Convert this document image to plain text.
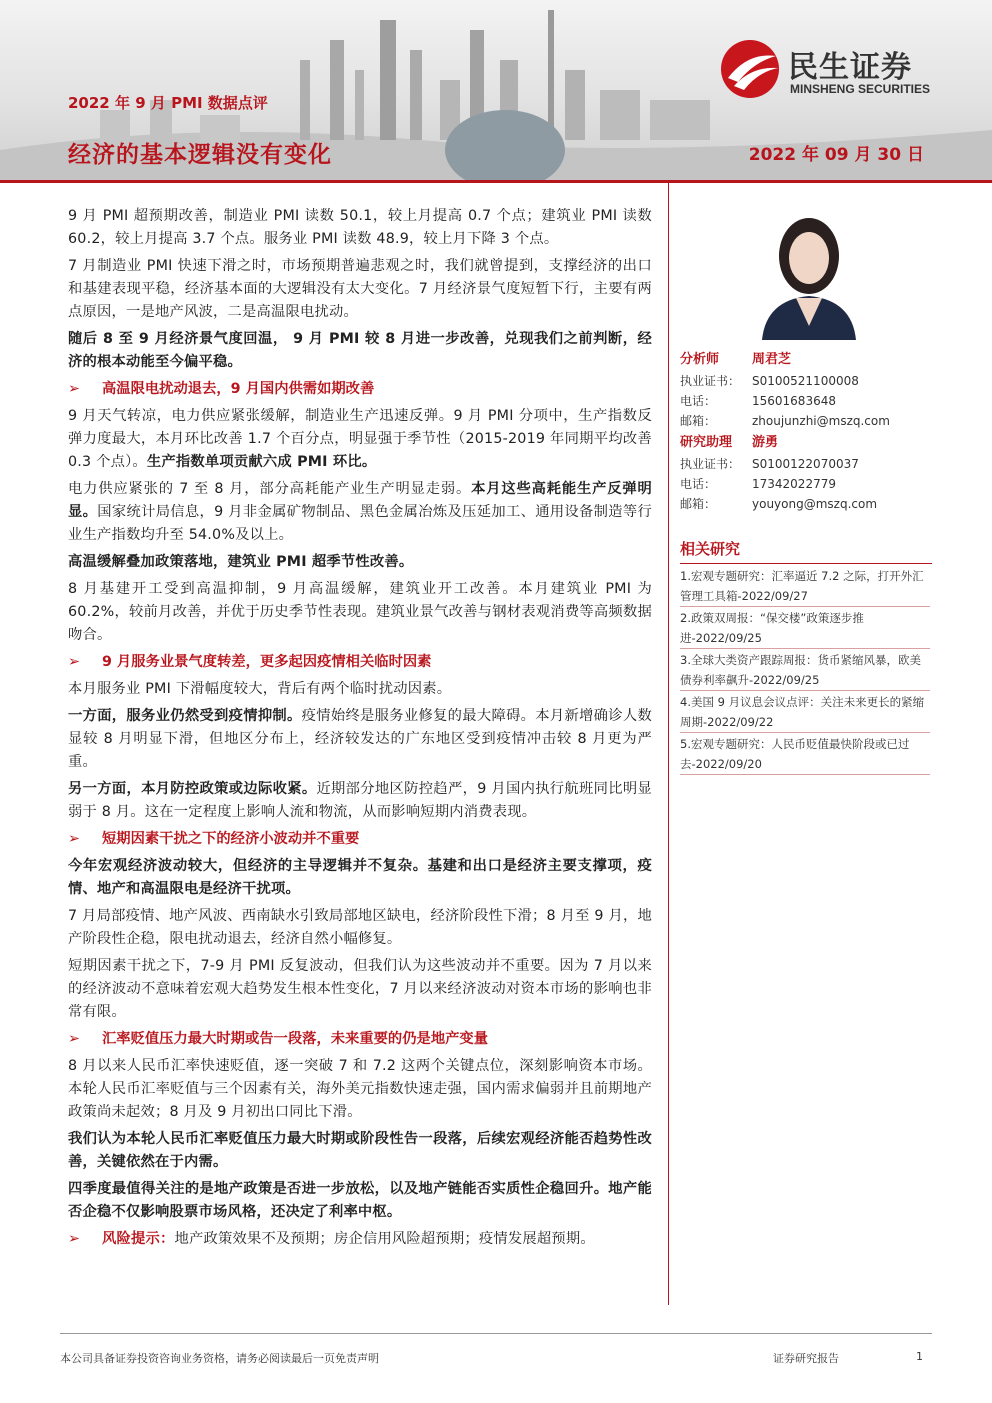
2022 年 9 月 PMI 数据点评
经济的基本逻辑没有变化	2022 年 09 月 30 日
民生证券
MINSHENG SECURITIES

9 月 PMI 超预期改善，制造业 PMI 读数 50.1，较上月提高 0.7 个点；建筑业 PMI 读数 60.2，较上月提高 3.7 个点。服务业 PMI 读数 48.9，较上月下降 3 个点。

7 月制造业 PMI 快速下滑之时，市场预期普遍悲观之时，我们就曾提到，支撑经济的出口和基建表现平稳，经济基本面的大逻辑没有太大变化。7 月经济景气度短暂下行，主要有两点原因，一是地产风波，二是高温限电扰动。

随后 8 至 9 月经济景气度回温， 9 月 PMI 较 8 月进一步改善，兑现我们之前判断，经济的根本动能至今偏平稳。

➢ 高温限电扰动退去，9 月国内供需如期改善

9 月天气转凉，电力供应紧张缓解，制造业生产迅速反弹。9 月 PMI 分项中，生产指数反弹力度最大，本月环比改善 1.7 个百分点，明显强于季节性（2015-2019 年同期平均改善 0.3 个点）。生产指数单项贡献六成 PMI 环比。

电力供应紧张的 7 至 8 月，部分高耗能产业生产明显走弱。本月这些高耗能生产反弹明显。国家统计局信息，9 月非金属矿物制品、黑色金属冶炼及压延加工、通用设备制造等行业生产指数均升至 54.0%及以上。

高温缓解叠加政策落地，建筑业 PMI 超季节性改善。

8 月基建开工受到高温抑制，9 月高温缓解，建筑业开工改善。本月建筑业 PMI 为 60.2%，较前月改善，并优于历史季节性表现。建筑业景气改善与钢材表观消费等高频数据吻合。

➢ 9 月服务业景气度转差，更多起因疫情相关临时因素

本月服务业 PMI 下滑幅度较大，背后有两个临时扰动因素。

一方面，服务业仍然受到疫情抑制。疫情始终是服务业修复的最大障碍。本月新增确诊人数显较 8 月明显下滑，但地区分布上，经济较发达的广东地区受到疫情冲击较 8 月更为严重。

另一方面，本月防控政策或边际收紧。近期部分地区防控趋严，9 月国内执行航班同比明显弱于 8 月。这在一定程度上影响人流和物流，从而影响短期内消费表现。

➢ 短期因素干扰之下的经济小波动并不重要

今年宏观经济波动较大，但经济的主导逻辑并不复杂。基建和出口是经济主要支撑项，疫情、地产和高温限电是经济干扰项。

7 月局部疫情、地产风波、西南缺水引致局部地区缺电，经济阶段性下滑；8 月至 9 月，地产阶段性企稳，限电扰动退去，经济自然小幅修复。

短期因素干扰之下，7-9 月 PMI 反复波动，但我们认为这些波动并不重要。因为 7 月以来的经济波动不意味着宏观大趋势发生根本性变化，7 月以来经济波动对资本市场的影响也非常有限。

➢ 汇率贬值压力最大时期或告一段落，未来重要的仍是地产变量

8 月以来人民币汇率快速贬值，逐一突破 7 和 7.2 这两个关键点位，深刻影响资本市场。本轮人民币汇率贬值与三个因素有关，海外美元指数快速走强，国内需求偏弱并且前期地产政策尚未起效；8 月及 9 月初出口同比下滑。

我们认为本轮人民币汇率贬值压力最大时期或阶段性告一段落，后续宏观经济能否趋势性改善，关键依然在于内需。

四季度最值得关注的是地产政策是否进一步放松，以及地产链能否实质性企稳回升。地产能否企稳不仅影响股票市场风格，还决定了利率中枢。

➢ 风险提示：地产政策效果不及预期；房企信用风险超预期；疫情发展超预期。

分析师	周君芝
执业证书： S0100521100008
电话：	15601683648
邮箱：	zhoujunzhi@mszq.com
研究助理 游勇
执业证书： S0100122070037
电话：	17342022779
邮箱：	youyong@mszq.com
相关研究
1.宏观专题研究：汇率逼近 7.2 之际，打开外汇管理工具箱-2022/09/27
2.政策双周报：“保交楼”政策逐步推进-2022/09/25
3.全球大类资产跟踪周报：货币紧缩风暴，欧美债券利率飙升-2022/09/25
4.美国 9 月议息会议点评：关注未来更长的紧缩周期-2022/09/22
5.宏观专题研究：人民币贬值最快阶段或已过去-2022/09/20
本公司具备证券投资咨询业务资格，请务必阅读最后一页免责声明	证券研究报告	1
